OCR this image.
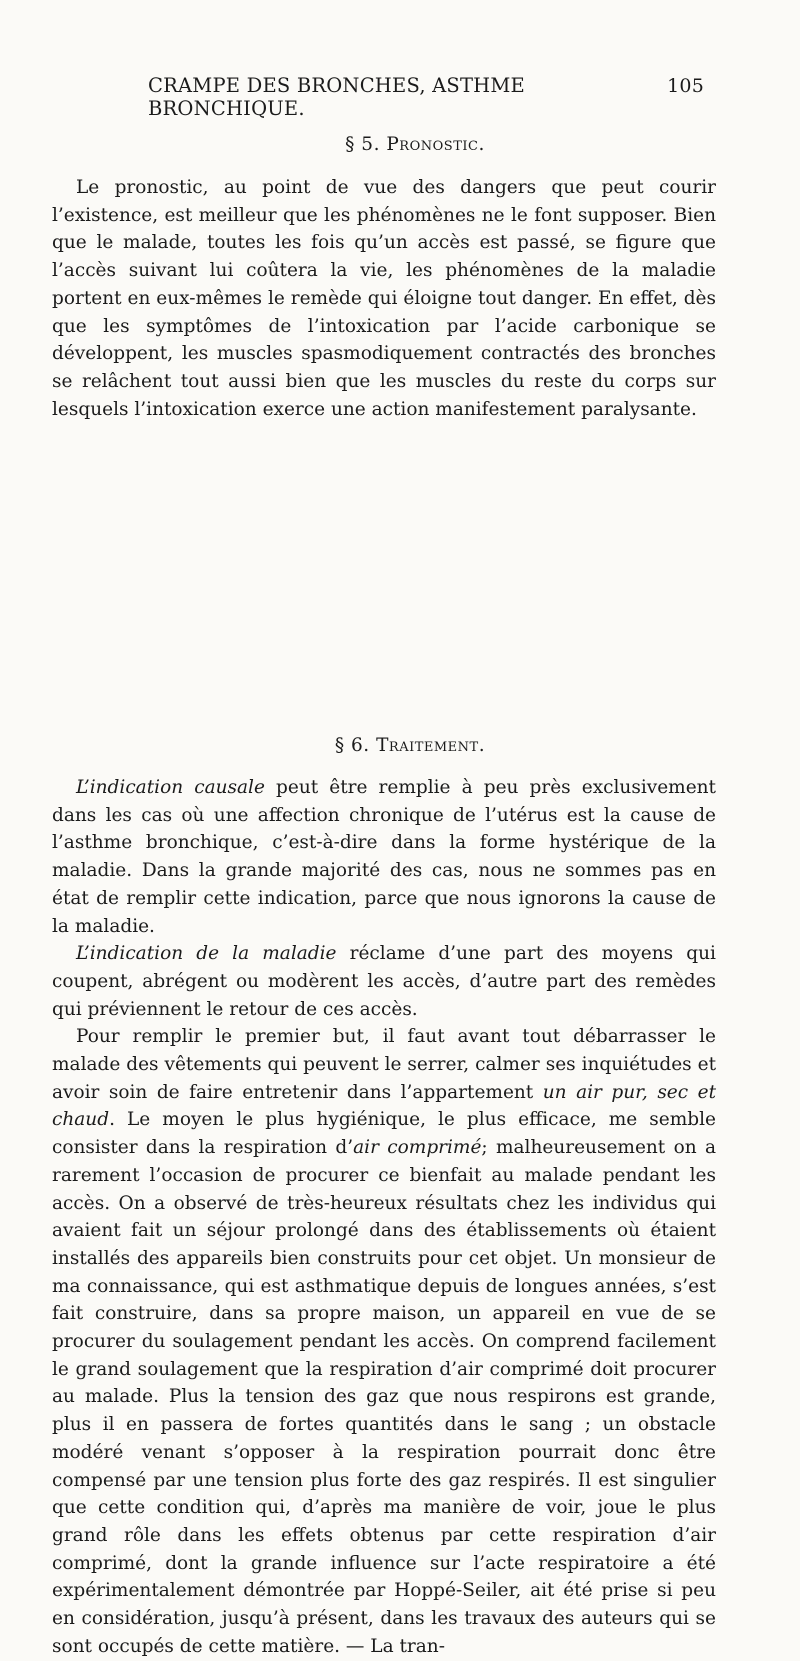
CRAMPE DES BRONCHES, ASTHME BRONCHIQUE.
105
§ 5. Pronostic.

Le pronostic, au point de vue des dangers que peut courir l’existence, est meilleur que les phénomènes ne le font supposer. Bien que le malade, toutes les fois qu’un accès est passé, se figure que l’accès suivant lui coûtera la vie, les phénomènes de la maladie portent en eux-mêmes le remède qui éloigne tout danger. En effet, dès que les symptômes de l’intoxication par l’acide carbonique se développent, les muscles spasmodiquement contractés des bronches se relâchent tout aussi bien que les muscles du reste du corps sur lesquels l’intoxication exerce une action manifestement paralysante.

§ 6. Traitement.

L’indication causale peut être remplie à peu près exclusivement dans les cas où une affection chronique de l’utérus est la cause de l’asthme bronchique, c’est-à-dire dans la forme hystérique de la maladie. Dans la grande majorité des cas, nous ne sommes pas en état de remplir cette indication, parce que nous ignorons la cause de la maladie.

L’indication de la maladie réclame d’une part des moyens qui coupent, abrégent ou modèrent les accès, d’autre part des remèdes qui préviennent le retour de ces accès.

Pour remplir le premier but, il faut avant tout débarrasser le malade des vêtements qui peuvent le serrer, calmer ses inquiétudes et avoir soin de faire entretenir dans l’appartement un air pur, sec et chaud. Le moyen le plus hygiénique, le plus efficace, me semble consister dans la respiration d’air comprimé; malheureusement on a rarement l’occasion de procurer ce bienfait au malade pendant les accès. On a observé de très-heureux résultats chez les individus qui avaient fait un séjour prolongé dans des établissements où étaient installés des appareils bien construits pour cet objet. Un monsieur de ma connaissance, qui est asthmatique depuis de longues années, s’est fait construire, dans sa propre maison, un appareil en vue de se procurer du soulagement pendant les accès. On comprend facilement le grand soulagement que la respiration d’air comprimé doit procurer au malade. Plus la tension des gaz que nous respirons est grande, plus il en passera de fortes quantités dans le sang ; un obstacle modéré venant s’opposer à la respiration pourrait donc être compensé par une tension plus forte des gaz respirés. Il est singulier que cette condition qui, d’après ma manière de voir, joue le plus grand rôle dans les effets obtenus par cette respiration d’air comprimé, dont la grande influence sur l’acte respiratoire a été expérimentalement démontrée par Hoppé-Seiler, ait été prise si peu en considération, jusqu’à présent, dans les travaux des auteurs qui se sont occupés de cette matière. — La tran-
